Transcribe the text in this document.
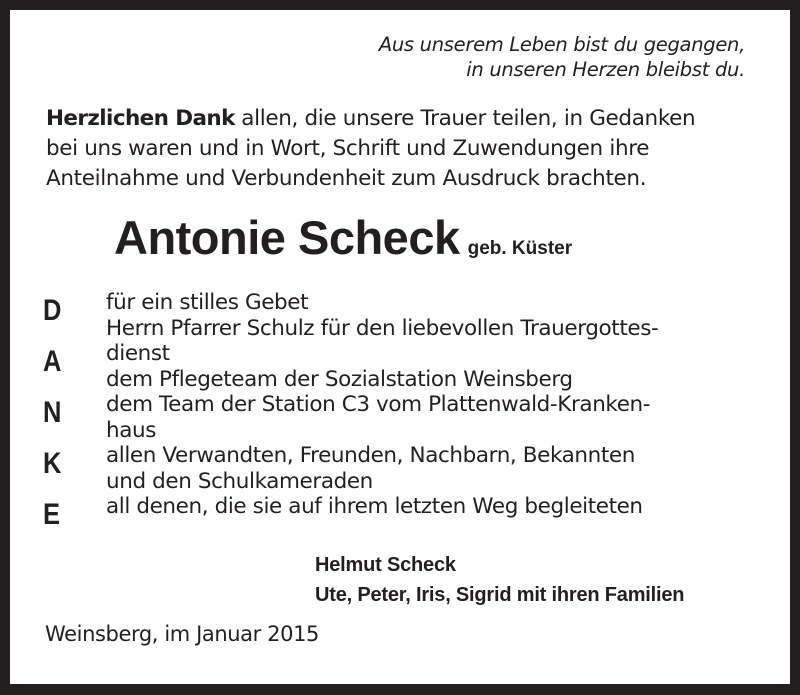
Aus unserem Leben bist du gegangen,
in unseren Herzen bleibst du.
Herzlichen Dank allen, die unsere Trauer teilen, in Gedanken
bei uns waren und in Wort, Schrift und Zuwendungen ihre
Anteilnahme und Verbundenheit zum Ausdruck brachten.
Antonie Scheck geb. Küster
D
A
N
K
E
für ein stilles Gebet
Herrn Pfarrer Schulz für den liebevollen Trauergottes-
dienst
dem Pflegeteam der Sozialstation Weinsberg
dem Team der Station C3 vom Plattenwald-Kranken-
haus
allen Verwandten, Freunden, Nachbarn, Bekannten
und den Schulkameraden
all denen, die sie auf ihrem letzten Weg begleiteten
Helmut Scheck
Ute, Peter, Iris, Sigrid mit ihren Familien
Weinsberg, im Januar 2015
